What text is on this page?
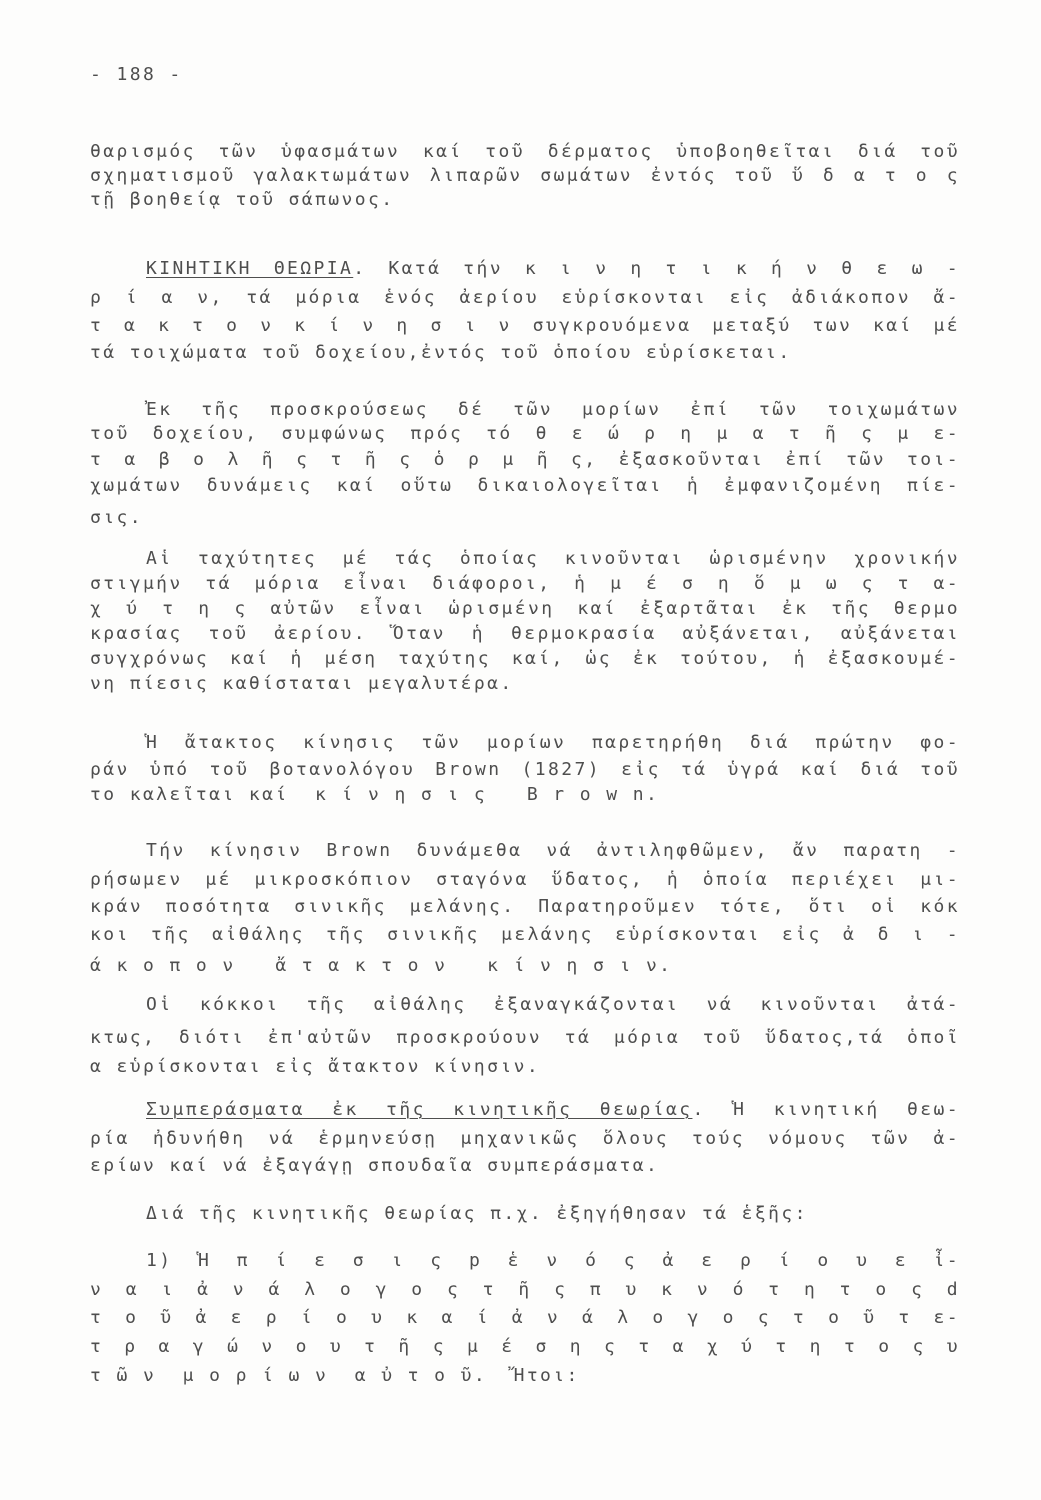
- 188 -
θαρισμός τῶν ὑφασμάτων καί τοῦ δέρματος ὑποβοηθεῖται διά τοῦ
σχηματισμοῦ γαλακτωμάτων λιπαρῶν σωμάτων ἐντός τοῦ ὕ δ α τ ο ς
τῇ βοηθείᾳ τοῦ σάπωνος.
ΚΙΝΗΤΙΚΗ ΘΕΩΡΙΑ. Κατά τήν κ ι ν η τ ι κ ή ν θ ε ω -
ρ ί α ν, τά μόρια ἑνός ἀερίου εὑρίσκονται εἰς ἀδιάκοπον ἄ-
τ α κ τ ο ν κ ί ν η σ ι ν συγκρουόμενα μεταξύ των καί μέ
τά τοιχώματα τοῦ δοχείου,ἐντός τοῦ ὁποίου εὑρίσκεται.
Ἐκ τῆς προσκρούσεως δέ τῶν μορίων ἐπί τῶν τοιχωμάτων
τοῦ δοχείου, συμφώνως πρός τό θ ε ώ ρ η μ α τ ῆ ς μ ε-
τ α β ο λ ῆ ς τ ῆ ς ὁ ρ μ ῆ ς, ἐξασκοῦνται ἐπί τῶν τοι-
χωμάτων δυνάμεις καί οὕτω δικαιολογεῖται ἡ ἐμφανιζομένη πίε-
σις.
Αἱ ταχύτητες μέ τάς ὁποίας κινοῦνται ὡρισμένην χρονικήν
στιγμήν τά μόρια εἶναι διάφοροι, ἡ μ έ σ η ὅ μ ω ς τ α-
χ ύ τ η ς αὐτῶν εἶναι ὡρισμένη καί ἐξαρτᾶται ἐκ τῆς θερμο
κρασίας τοῦ ἀερίου. Ὅταν ἡ θερμοκρασία αὐξάνεται, αὐξάνεται
συγχρόνως καί ἡ μέση ταχύτης καί, ὡς ἐκ τούτου, ἡ ἐξασκουμέ-
νη πίεσις καθίσταται μεγαλυτέρα.
Ἡ ἄτακτος κίνησις τῶν μορίων παρετηρήθη διά πρώτην φο-
ράν ὑπό τοῦ βοτανολόγου Brown (1827) εἰς τά ὑγρά καί διά τοῦ
το καλεῖται καί  κ ί ν η σ ι ς   B r o w n.
Τήν κίνησιν Brown δυνάμεθα νά ἀντιληφθῶμεν, ἄν παρατη -
ρήσωμεν μέ μικροσκόπιον σταγόνα ὕδατος, ἡ ὁποία περιέχει μι-
κράν ποσότητα σινικῆς μελάνης. Παρατηροῦμεν τότε, ὅτι οἱ κόκ
κοι τῆς αἰθάλης τῆς σινικῆς μελάνης εὑρίσκονται εἰς ἀ δ ι -
ά κ ο π ο ν   ἄ τ α κ τ ο ν   κ ί ν η σ ι ν.
Οἱ κόκκοι τῆς αἰθάλης ἐξαναγκάζονται νά κινοῦνται ἀτά-
κτως, διότι ἐπ'αὐτῶν προσκρούουν τά μόρια τοῦ ὕδατος,τά ὁποῖ
α εὑρίσκονται εἰς ἄτακτον κίνησιν.
Συμπεράσματα ἐκ τῆς κινητικῆς θεωρίας. Ἡ κινητική θεω-
ρία ἠδυνήθη νά ἑρμηνεύσῃ μηχανικῶς ὅλους τούς νόμους τῶν ἀ-
ερίων καί νά ἐξαγάγῃ σπουδαῖα συμπεράσματα.
Διά τῆς κινητικῆς θεωρίας π.χ. ἐξηγήθησαν τά ἑξῆς:
1) Ἡ π ί ε σ ι ς p ἑ ν ό ς ἀ ε ρ ί ο υ ε ἶ-
ν α ι ἀ ν ά λ ο γ ο ς τ ῆ ς π υ κ ν ό τ η τ ο ς d
τ ο ῦ ἀ ε ρ ί ο υ κ α ί ἀ ν ά λ ο γ ο ς τ ο ῦ τ ε-
τ ρ α γ ώ ν ο υ τ ῆ ς μ έ σ η ς τ α χ ύ τ η τ ο ς υ
τ ῶ ν  μ ο ρ ί ω ν  α ὐ τ ο ῦ.  Ἤτοι:
